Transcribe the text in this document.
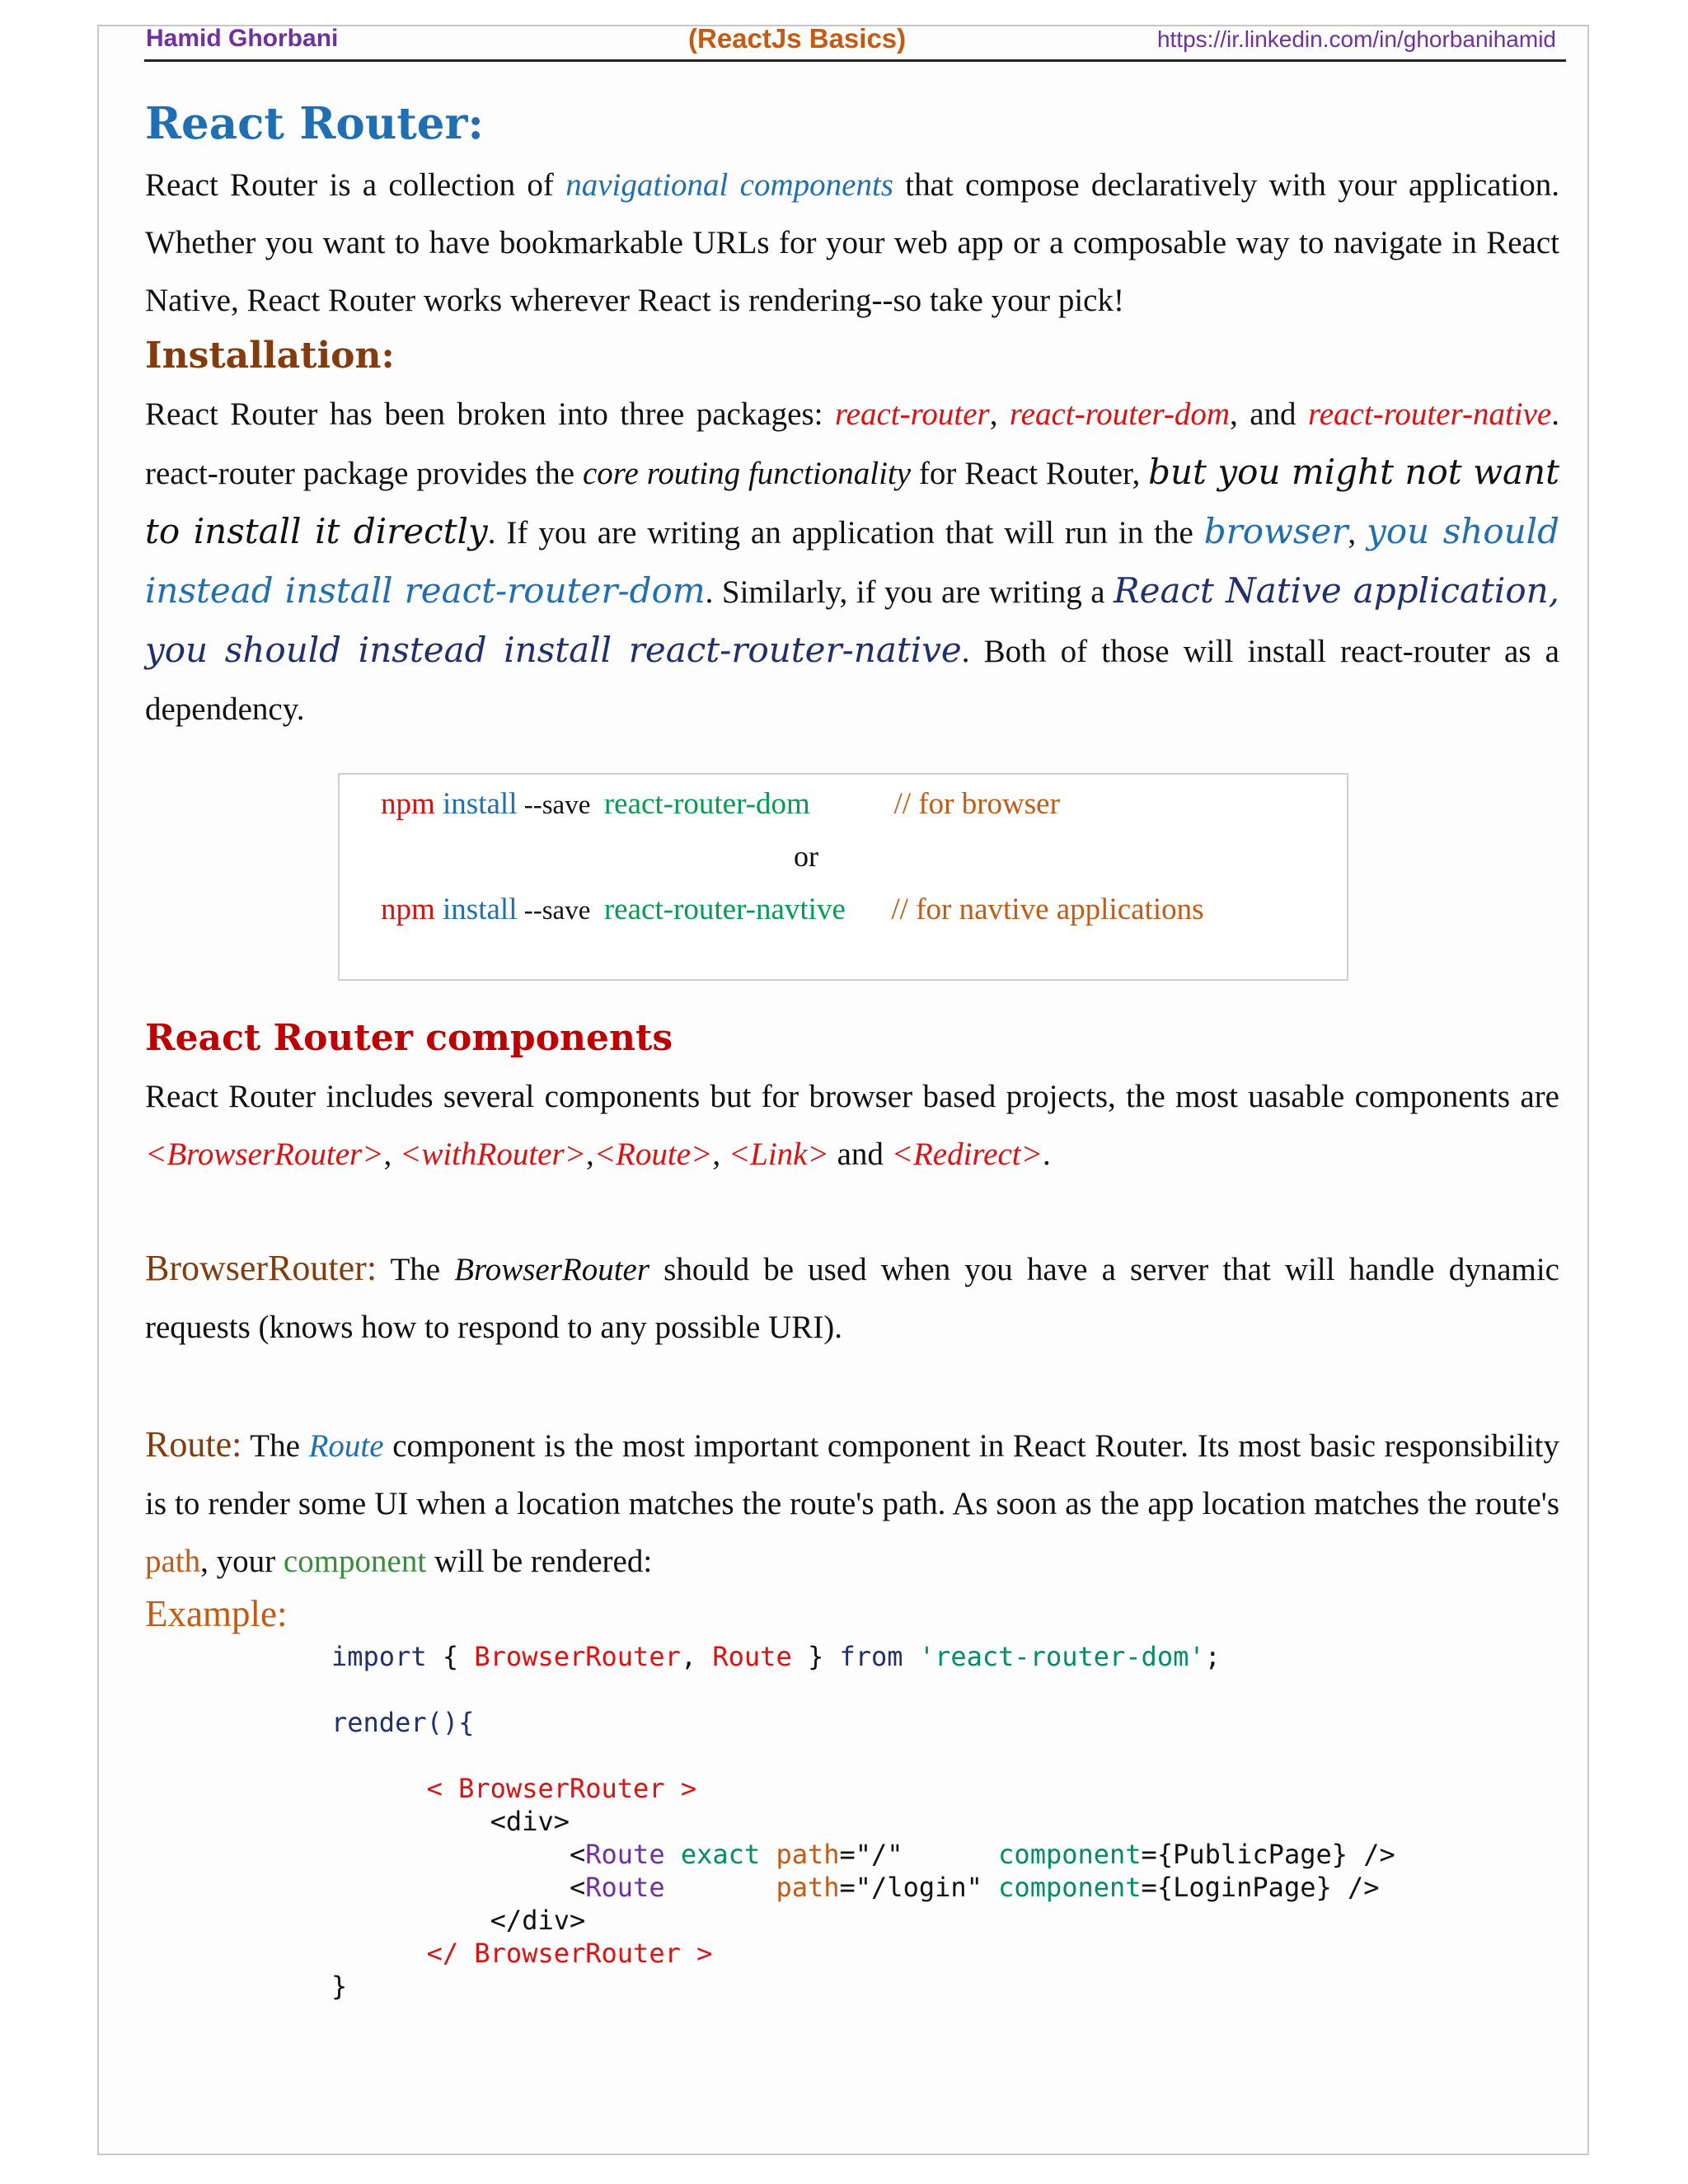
Hamid Ghorbani	(ReactJs Basics)	https://ir.linkedin.com/in/ghorbanihamid
React Router:

React Router is a collection of navigational components that compose declaratively with your application. Whether you want to have bookmarkable URLs for your web app or a composable way to navigate in React Native, React Router works wherever React is rendering--so take your pick!

Installation:

React Router has been broken into three packages: react-router, react-router-dom, and react-router-native. react-router package provides the core routing functionality for React Router, but you might not want to install it directly. If you are writing an application that will run in the browser, you should instead install react-router-dom. Similarly, if you are writing a React Native application, you should instead install react-router-native. Both of those will install react-router as a dependency.

npm install --save  react-router-dom           // for browser
or
npm install --save  react-router-navtive      // for navtive applications
React Router components

React Router includes several components but for browser based projects, the most uasable components are <BrowserRouter>, <withRouter>,<Route>, <Link> and <Redirect>.

BrowserRouter: The BrowserRouter should be used when you have a server that will handle dynamic requests (knows how to respond to any possible URI).

Route: The Route component is the most important component in React Router. Its most basic responsibility is to render some UI when a location matches the route's path. As soon as the app location matches the route's path, your component will be rendered:

Example:

import { BrowserRouter, Route } from 'react-router-dom';

render(){

< BrowserRouter >
<div>
<Route exact path="/"      component={PublicPage} />
<Route	path="/login" component={LoginPage} />
</div>
</ BrowserRouter >
}
